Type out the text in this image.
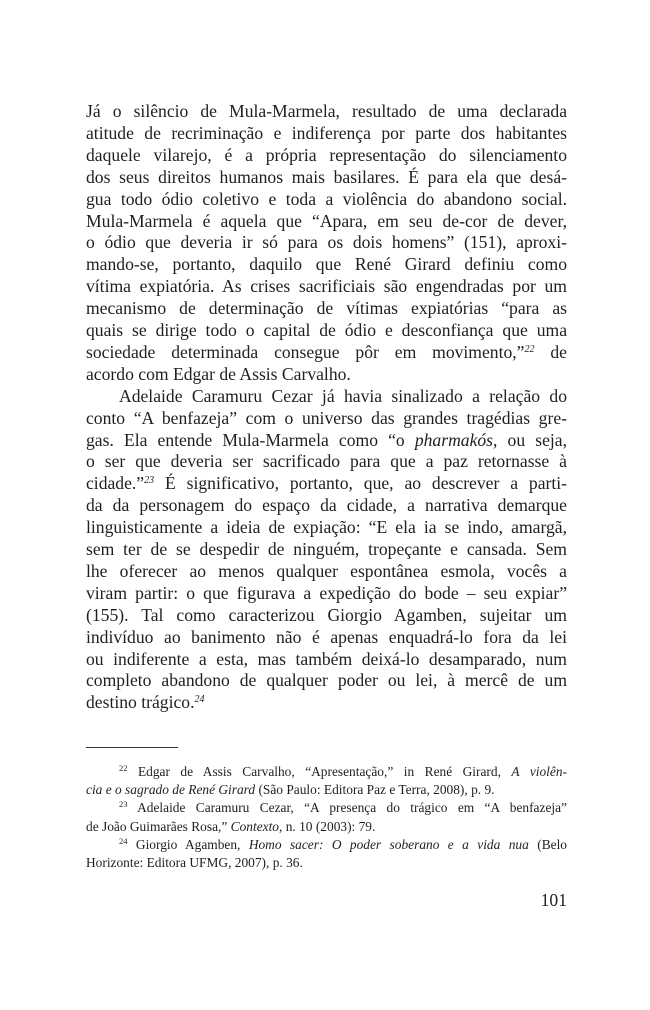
Já o silêncio de Mula-Marmela, resultado de uma declarada
atitude de recriminação e indiferença por parte dos habitantes
daquele vilarejo, é a própria representação do silenciamento
dos seus direitos humanos mais basilares. É para ela que desá-
gua todo ódio coletivo e toda a violência do abandono social.
Mula-Marmela é aquela que “Apara, em seu de-cor de dever,
o ódio que deveria ir só para os dois homens” (151), aproxi-
mando-se, portanto, daquilo que René Girard definiu como
vítima expiatória. As crises sacrificiais são engendradas por um
mecanismo de determinação de vítimas expiatórias “para as
quais se dirige todo o capital de ódio e desconfiança que uma
sociedade determinada consegue pôr em movimento,”$^{22}$ de
acordo com Edgar de Assis Carvalho.
Adelaide Caramuru Cezar já havia sinalizado a relação do
conto “A benfazeja” com o universo das grandes tragédias gre-
gas. Ela entende Mula-Marmela como “o pharmakós, ou seja,
o ser que deveria ser sacrificado para que a paz retornasse à
cidade.”$^{23}$ É significativo, portanto, que, ao descrever a parti-
da da personagem do espaço da cidade, a narrativa demarque
linguisticamente a ideia de expiação: “E ela ia se indo, amargã,
sem ter de se despedir de ninguém, tropeçante e cansada. Sem
lhe oferecer ao menos qualquer espontânea esmola, vocês a
viram partir: o que figurava a expedição do bode – seu expiar”
(155). Tal como caracterizou Giorgio Agamben, sujeitar um
indivíduo ao banimento não é apenas enquadrá-lo fora da lei
ou indiferente a esta, mas também deixá-lo desamparado, num
completo abandono de qualquer poder ou lei, à mercê de um
destino trágico.$^{24}$
$^{22}$ Edgar de Assis Carvalho, “Apresentação,” in René Girard, A violên-
cia e o sagrado de René Girard (São Paulo: Editora Paz e Terra, 2008), p. 9.
$^{23}$ Adelaide Caramuru Cezar, “A presença do trágico em “A benfazeja”
de João Guimarães Rosa,” Contexto, n. 10 (2003): 79.
$^{24}$ Giorgio Agamben, Homo sacer: O poder soberano e a vida nua (Belo
Horizonte: Editora UFMG, 2007), p. 36.
101
